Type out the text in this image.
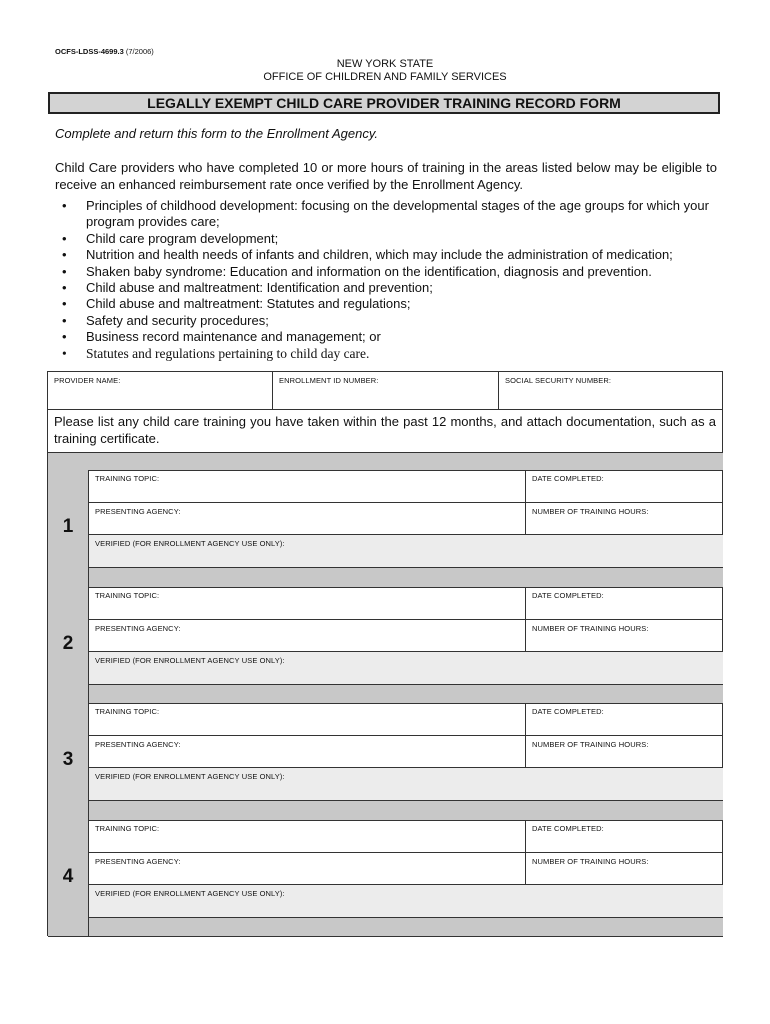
OCFS-LDSS-4699.3 (7/2006)
NEW YORK STATE
OFFICE OF CHILDREN AND FAMILY SERVICES
LEGALLY EXEMPT CHILD CARE PROVIDER TRAINING RECORD FORM
Complete and return this form to the Enrollment Agency.
Child Care providers who have completed 10 or more hours of training in the areas listed below may be eligible to receive an enhanced reimbursement rate once verified by the Enrollment Agency.
• Principles of childhood development: focusing on the developmental stages of the age groups for which your program provides care;
• Child care program development;
• Nutrition and health needs of infants and children, which may include the administration of medication;
• Shaken baby syndrome: Education and information on the identification, diagnosis and prevention.
• Child abuse and maltreatment: Identification and prevention;
• Child abuse and maltreatment: Statutes and regulations;
• Safety and security procedures;
• Business record maintenance and management; or
• Statutes and regulations pertaining to child day care.
PROVIDER NAME:	ENROLLMENT ID NUMBER:	SOCIAL SECURITY NUMBER:
Please list any child care training you have taken within the past 12 months, and attach documentation, such as a training certificate.
1
TRAINING TOPIC:	DATE COMPLETED:
PRESENTING AGENCY:	NUMBER OF TRAINING HOURS:
VERIFIED (FOR ENROLLMENT AGENCY USE ONLY):
2
TRAINING TOPIC:	DATE COMPLETED:
PRESENTING AGENCY:	NUMBER OF TRAINING HOURS:
VERIFIED (FOR ENROLLMENT AGENCY USE ONLY):
3
TRAINING TOPIC:	DATE COMPLETED:
PRESENTING AGENCY:	NUMBER OF TRAINING HOURS:
VERIFIED (FOR ENROLLMENT AGENCY USE ONLY):
4
TRAINING TOPIC:	DATE COMPLETED:
PRESENTING AGENCY:	NUMBER OF TRAINING HOURS:
VERIFIED (FOR ENROLLMENT AGENCY USE ONLY):
